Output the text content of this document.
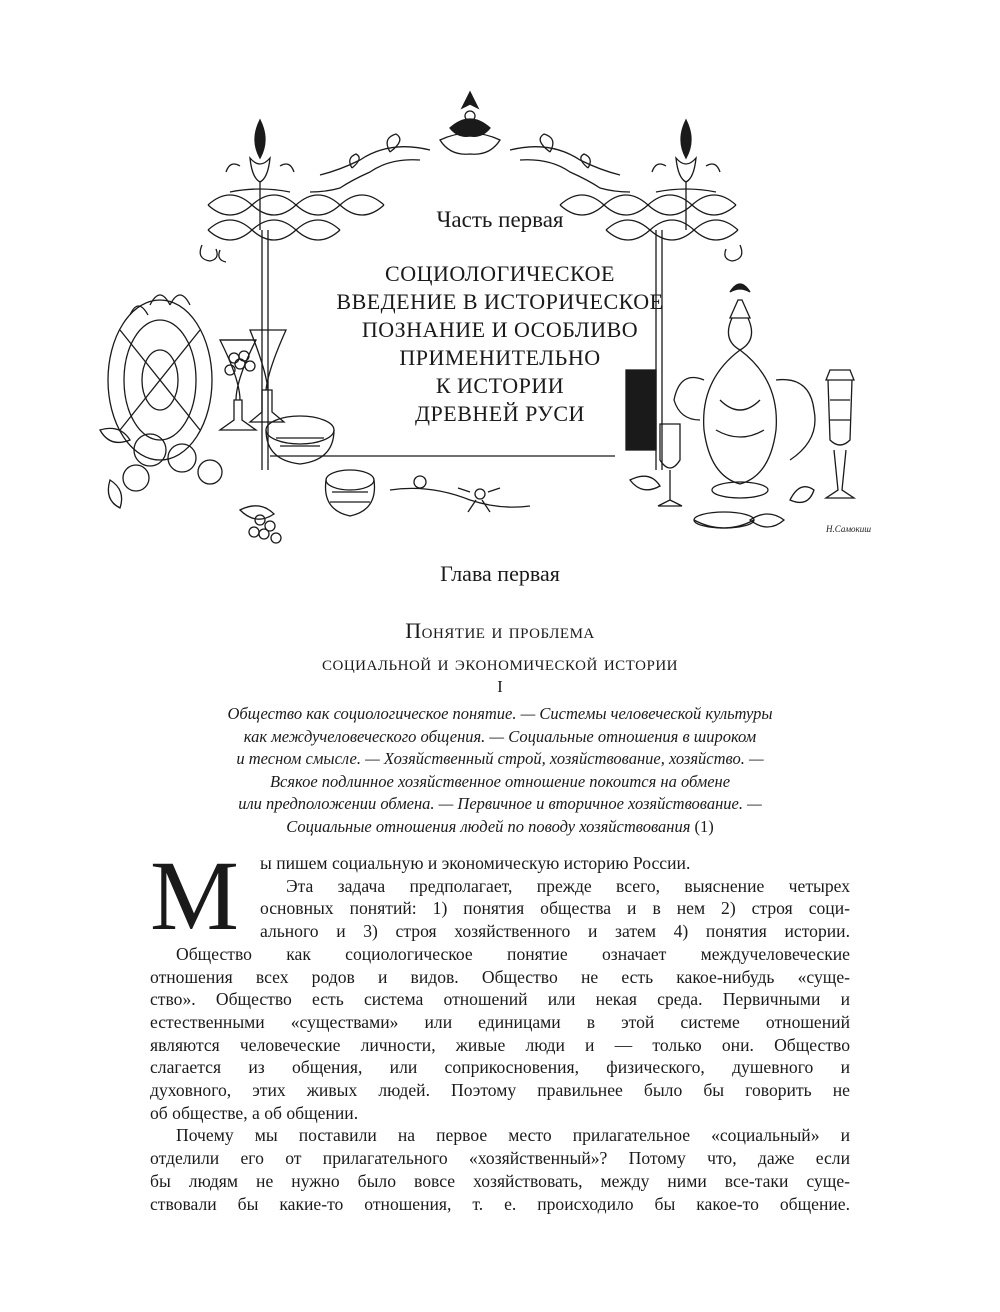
Н.Самокиш
Часть первая
СОЦИОЛОГИЧЕСКОЕ
ВВЕДЕНИЕ В ИСТОРИЧЕСКОЕ
ПОЗНАНИЕ И ОСОБЛИВО
ПРИМЕНИТЕЛЬНО
К ИСТОРИИ
ДРЕВНЕЙ РУСИ
Глава первая
Понятие и проблема
социальной и экономической истории
I
Общество как социологическое понятие. — Системы человеческой культуры
как междучеловеческого общения. — Социальные отношения в широком
и тесном смысле. — Хозяйственный строй, хозяйствование, хозяйство. —
Всякое подлинное хозяйственное отношение покоится на обмене
или предположении обмена. — Первичное и вторичное хозяйствование. —
Социальные отношения людей по поводу хозяйствования (1)
М	ы пишем социальную и экономическую историю России.
Эта задача предполагает, прежде всего, выяснение четырех
основных понятий: 1) понятия общества и в нем 2) строя соци-
ального и 3) строя хозяйственного и затем 4) понятия истории.
Общество как социологическое понятие означает междучеловеческие
отношения всех родов и видов. Общество не есть какое-нибудь «суще-
ство». Общество есть система отношений или некая среда. Первичными и
естественными «существами» или единицами в этой системе отношений
являются человеческие личности, живые люди и — только они. Общество
слагается из общения, или соприкосновения, физического, душевного и
духовного, этих живых людей. Поэтому правильнее было бы говорить не
об обществе, а об общении.
Почему мы поставили на первое место прилагательное «социальный» и
отделили его от прилагательного «хозяйственный»? Потому что, даже если
бы людям не нужно было вовсе хозяйствовать, между ними все-таки суще-
ствовали бы какие-то отношения, т. е. происходило бы какое-то общение.
